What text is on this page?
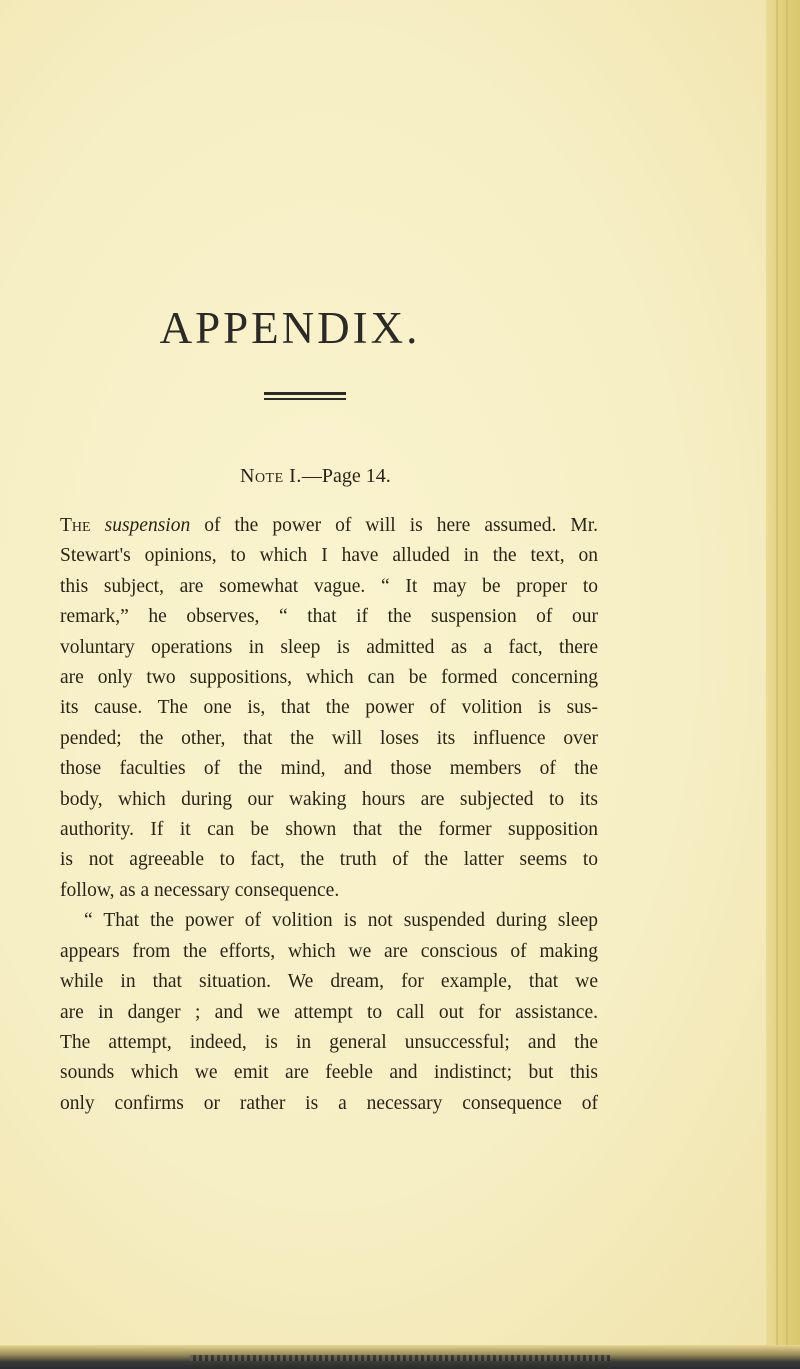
APPENDIX.
Note I.—Page 14.
The suspension of the power of will is here assumed. Mr.
Stewart's opinions, to which I have alluded in the text, on
this subject, are somewhat vague. “ It may be proper to
remark,” he observes, “ that if the suspension of our
voluntary operations in sleep is admitted as a fact, there
are only two suppositions, which can be formed concerning
its cause. The one is, that the power of volition is sus-
pended; the other, that the will loses its influence over
those faculties of the mind, and those members of the
body, which during our waking hours are subjected to its
authority. If it can be shown that the former supposition
is not agreeable to fact, the truth of the latter seems to
follow, as a necessary consequence.
“ That the power of volition is not suspended during sleep
appears from the efforts, which we are conscious of making
while in that situation. We dream, for example, that we
are in danger ; and we attempt to call out for assistance.
The attempt, indeed, is in general unsuccessful; and the
sounds which we emit are feeble and indistinct; but this
only confirms or rather is a necessary consequence of
